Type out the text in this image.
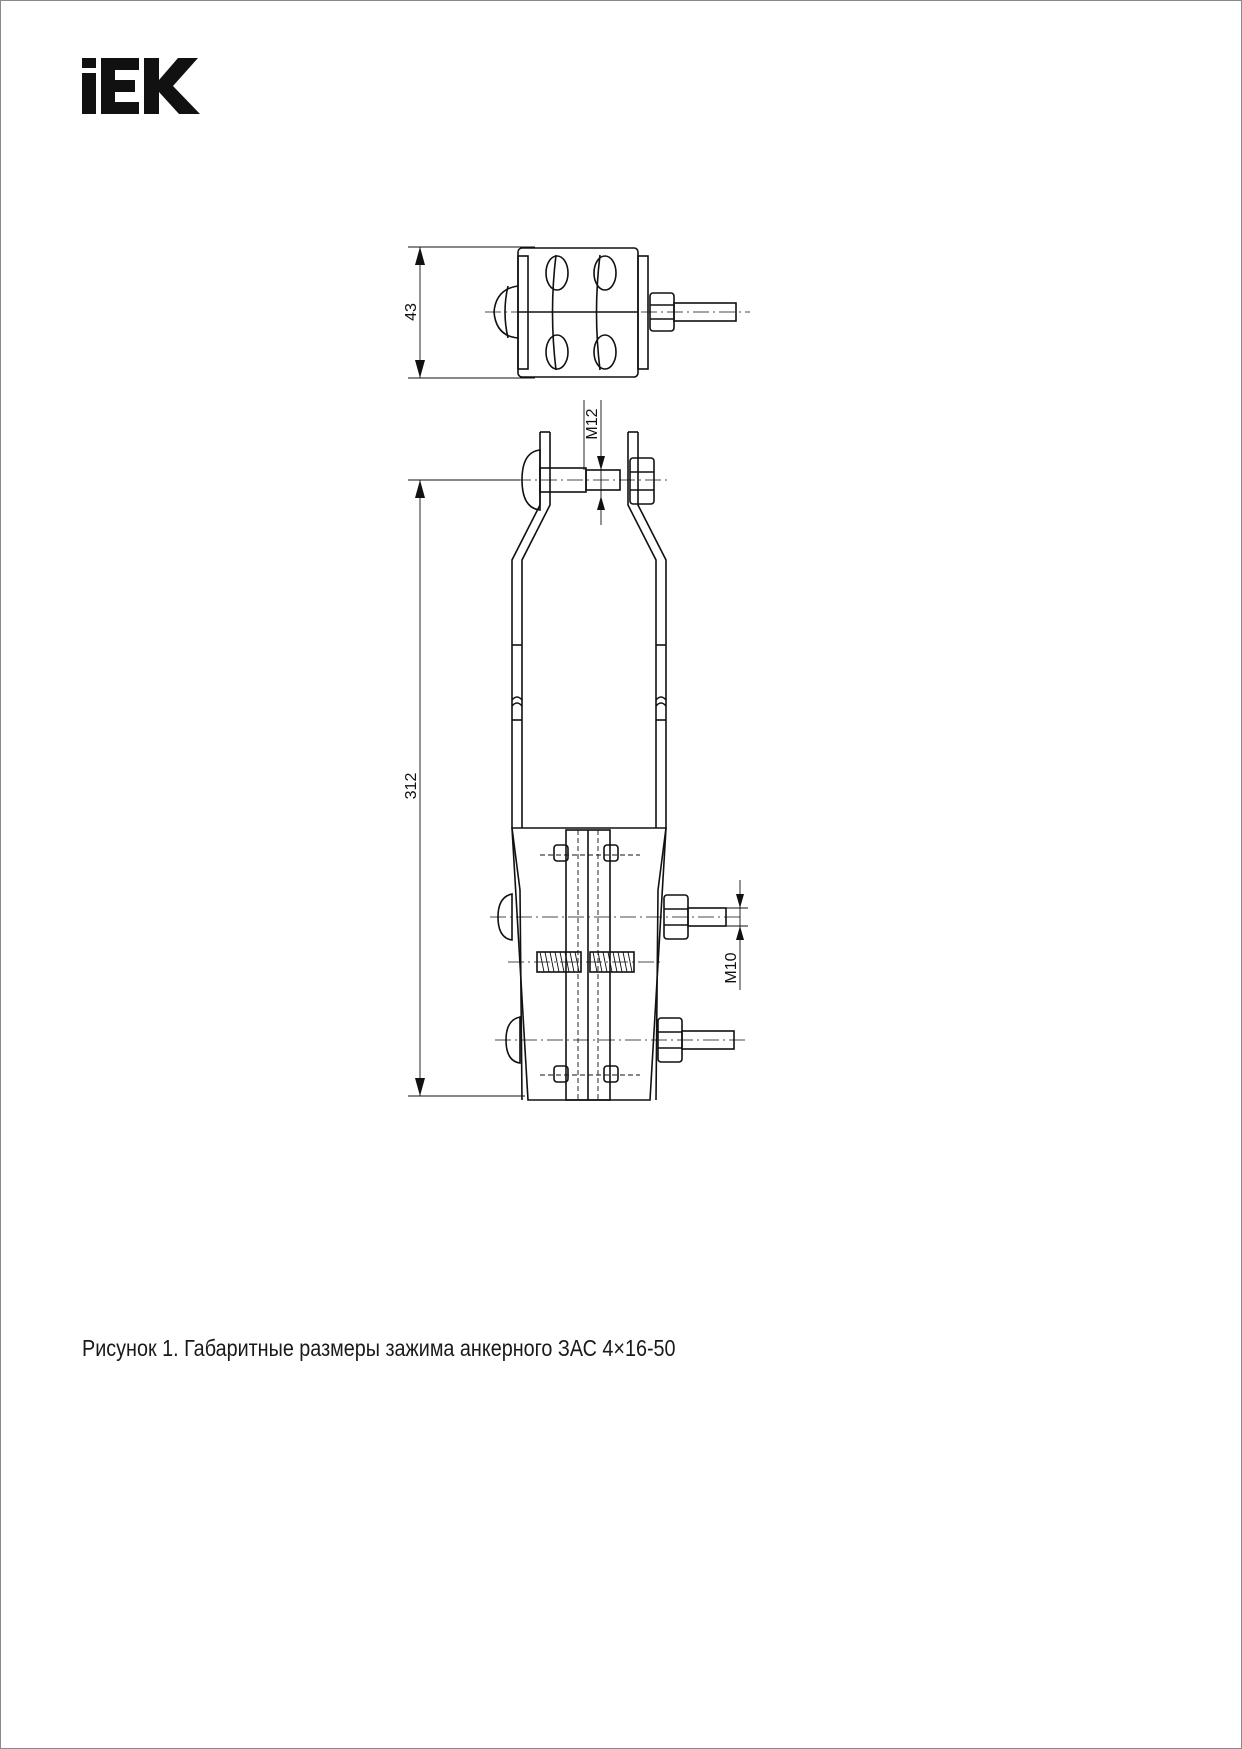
43
312
M12
M10
Рисунок 1. Габаритные размеры зажима анкерного ЗАС 4×16-50
